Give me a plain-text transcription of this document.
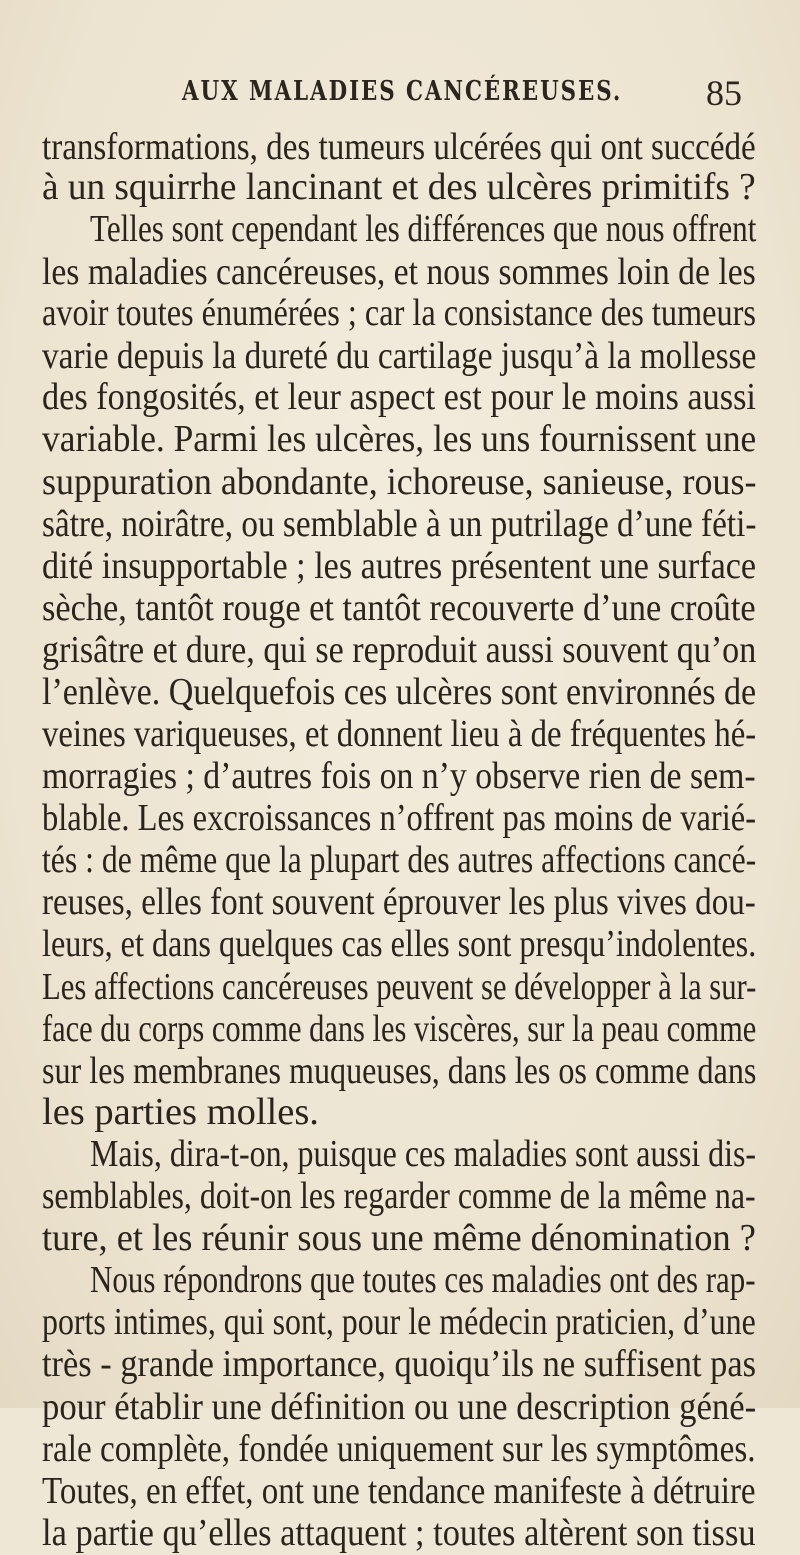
AUX MALADIES CANCÉREUSES. 85
transformations, des tumeurs ulcérées qui ont succédé
à un squirrhe lancinant et des ulcères primitifs ?
Telles sont cependant les différences que nous offrent
les maladies cancéreuses, et nous sommes loin de les
avoir toutes énumérées ; car la consistance des tumeurs
varie depuis la dureté du cartilage jusqu’à la mollesse
des fongosités, et leur aspect est pour le moins aussi
variable. Parmi les ulcères, les uns fournissent une
suppuration abondante, ichoreuse, sanieuse, rous-
sâtre, noirâtre, ou semblable à un putrilage d’une féti-
dité insupportable ; les autres présentent une surface
sèche, tantôt rouge et tantôt recouverte d’une croûte
grisâtre et dure, qui se reproduit aussi souvent qu’on
l’enlève. Quelquefois ces ulcères sont environnés de
veines variqueuses, et donnent lieu à de fréquentes hé-
morragies ; d’autres fois on n’y observe rien de sem-
blable. Les excroissances n’offrent pas moins de varié-
tés : de même que la plupart des autres affections cancé-
reuses, elles font souvent éprouver les plus vives dou-
leurs, et dans quelques cas elles sont presqu’indolentes.
Les affections cancéreuses peuvent se développer à la sur-
face du corps comme dans les viscères, sur la peau comme
sur les membranes muqueuses, dans les os comme dans
les parties molles.
Mais, dira-t-on, puisque ces maladies sont aussi dis-
semblables, doit-on les regarder comme de la même na-
ture, et les réunir sous une même dénomination ?
Nous répondrons que toutes ces maladies ont des rap-
ports intimes, qui sont, pour le médecin praticien, d’une
très - grande importance, quoiqu’ils ne suffisent pas
pour établir une définition ou une description géné-
rale complète, fondée uniquement sur les symptômes.
Toutes, en effet, ont une tendance manifeste à détruire
la partie qu’elles attaquent ; toutes altèrent son tissu
